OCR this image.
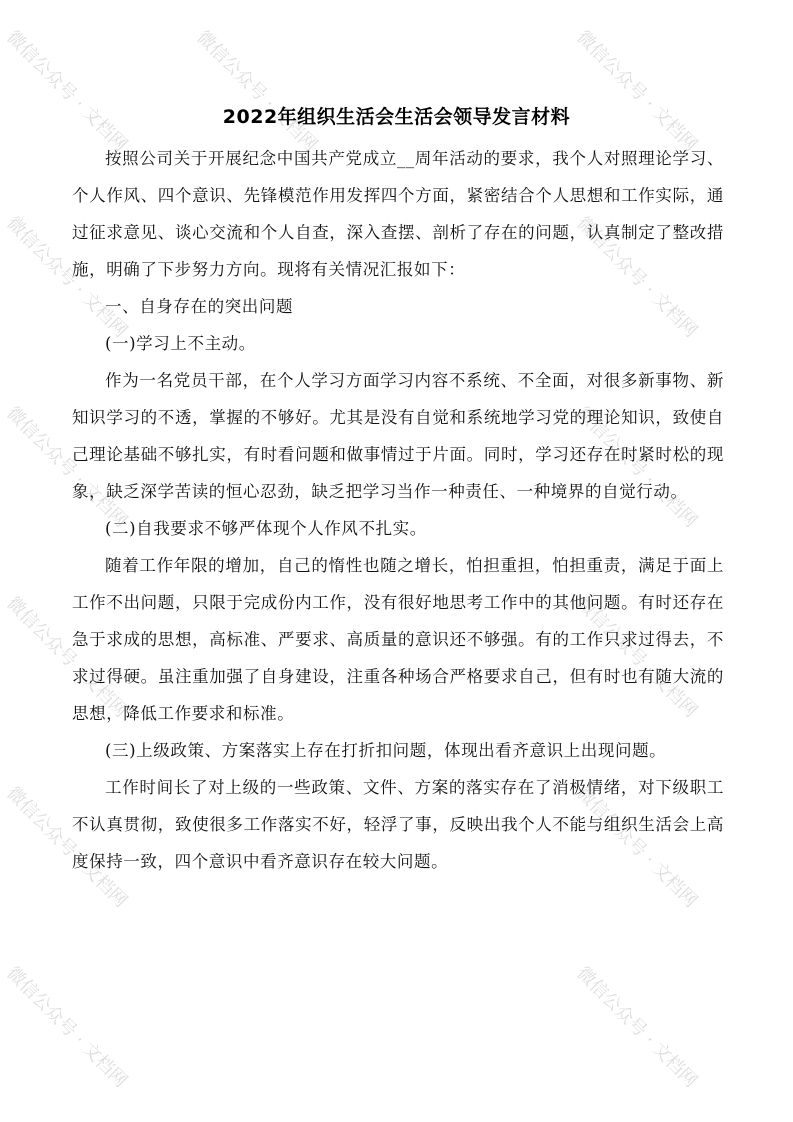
微信公众号 · 文档网	微信公众号 · 文档网	微信公众号 · 文档网
微信公众号 · 文档网	微信公众号 · 文档网
微信公众号 · 文档网	微信公众号 · 文档网
微信公众号 · 文档网	微信公众号 · 文档网
微信公众号 · 文档网	微信公众号 · 文档网
微信公众号 · 文档网	微信公众号 · 文档网
2022年组织生活会生活会领导发言材料

按照公司关于开展纪念中国共产党成立__周年活动的要求，我个人对照理论学习、个人作风、四个意识、先锋模范作用发挥四个方面，紧密结合个人思想和工作实际，通过征求意见、谈心交流和个人自查，深入查摆、剖析了存在的问题，认真制定了整改措施，明确了下步努力方向。现将有关情况汇报如下：

一、自身存在的突出问题

(一)学习上不主动。

作为一名党员干部，在个人学习方面学习内容不系统、不全面，对很多新事物、新知识学习的不透，掌握的不够好。尤其是没有自觉和系统地学习党的理论知识，致使自己理论基础不够扎实，有时看问题和做事情过于片面。同时，学习还存在时紧时松的现象，缺乏深学苦读的恒心忍劲，缺乏把学习当作一种责任、一种境界的自觉行动。

(二)自我要求不够严体现个人作风不扎实。

随着工作年限的增加，自己的惰性也随之增长，怕担重担，怕担重责，满足于面上工作不出问题，只限于完成份内工作，没有很好地思考工作中的其他问题。有时还存在急于求成的思想，高标准、严要求、高质量的意识还不够强。有的工作只求过得去，不求过得硬。虽注重加强了自身建设，注重各种场合严格要求自己，但有时也有随大流的思想，降低工作要求和标准。

(三)上级政策、方案落实上存在打折扣问题，体现出看齐意识上出现问题。

工作时间长了对上级的一些政策、文件、方案的落实存在了消极情绪，对下级职工不认真贯彻，致使很多工作落实不好，轻浮了事，反映出我个人不能与组织生活会上高度保持一致，四个意识中看齐意识存在较大问题。
